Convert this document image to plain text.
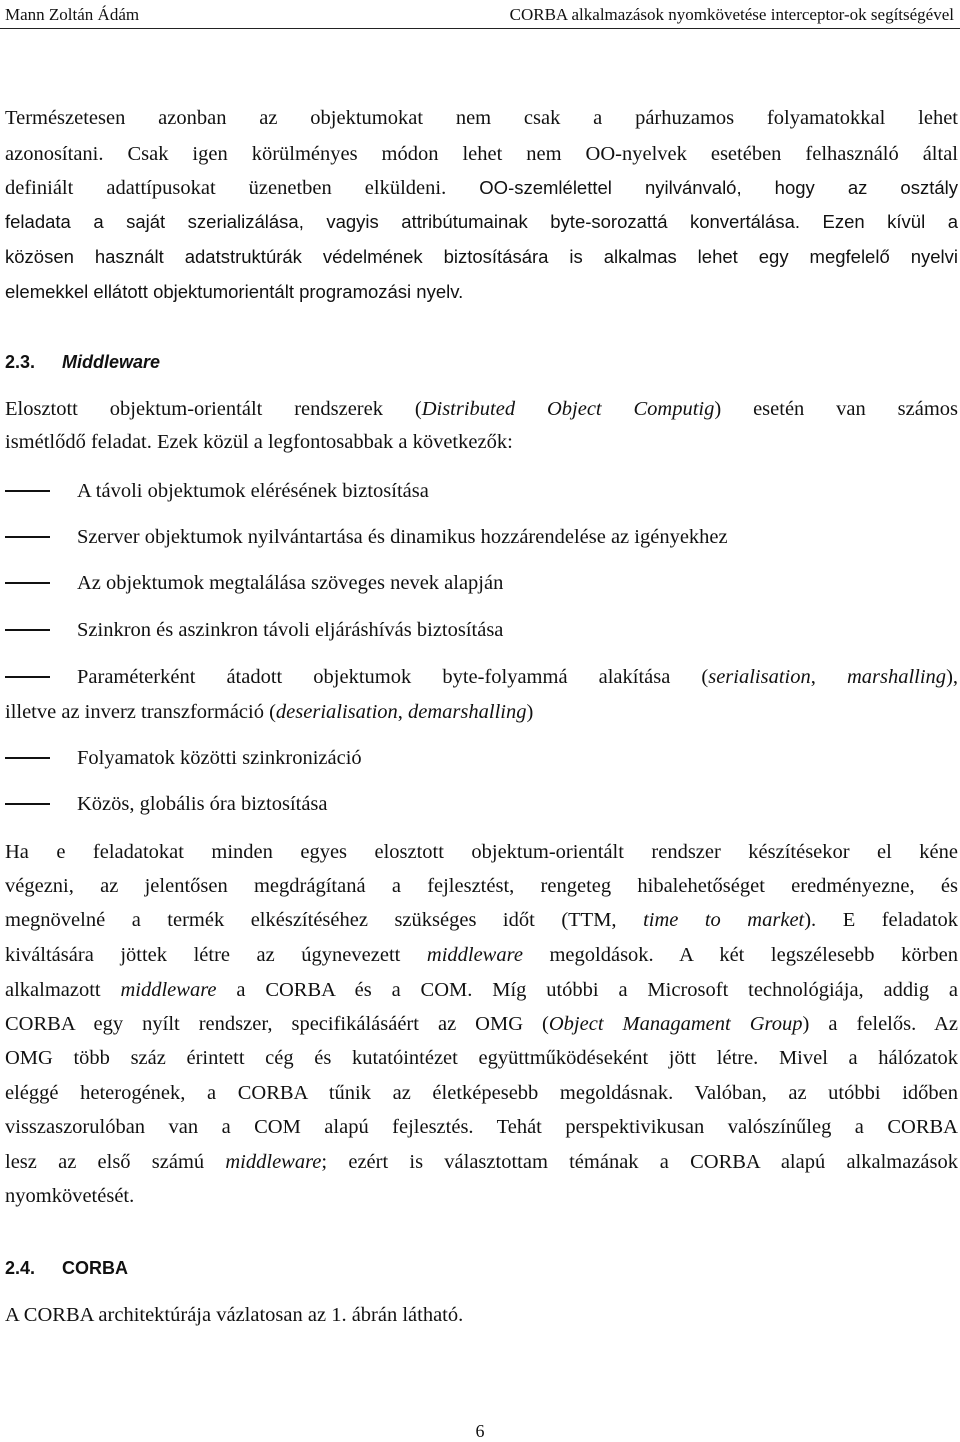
Mann Zoltán Ádám	CORBA alkalmazások nyomkövetése interceptor-ok segítségével
Természetesen azonban az objektumokat nem csak a párhuzamos folyamatokkal lehet
azonosítani. Csak igen körülményes módon lehet nem OO-nyelvek esetében felhasználó által
definiált adattípusokat üzenetben elküldeni. OO-szemlélettel nyilvánvaló, hogy az osztály
feladata a saját szerializálása, vagyis attribútumainak byte-sorozattá konvertálása. Ezen kívül a
közösen használt adatstruktúrák védelmének biztosítására is alkalmas lehet egy megfelelő nyelvi
elemekkel ellátott objektumorientált programozási nyelv.
2.3. Middleware
Elosztott objektum-orientált rendszerek (Distributed Object Computig) esetén van számos
ismétlődő feladat. Ezek közül a legfontosabbak a következők:
A távoli objektumok elérésének biztosítása
Szerver objektumok nyilvántartása és dinamikus hozzárendelése az igényekhez
Az objektumok megtalálása szöveges nevek alapján
Szinkron és aszinkron távoli eljáráshívás biztosítása
Paraméterként átadott objektumok byte-folyammá alakítása (serialisation, marshalling),
illetve az inverz transzformáció (deserialisation, demarshalling)
Folyamatok közötti szinkronizáció
Közös, globális óra biztosítása
Ha e feladatokat minden egyes elosztott objektum-orientált rendszer készítésekor el kéne
végezni, az jelentősen megdrágítaná a fejlesztést, rengeteg hibalehetőséget eredményezne, és
megnövelné a termék elkészítéséhez szükséges időt (TTM, time to market). E feladatok
kiváltására jöttek létre az úgynevezett middleware megoldások. A két legszélesebb körben
alkalmazott middleware a CORBA és a COM. Míg utóbbi a Microsoft technológiája, addig a
CORBA egy nyílt rendszer, specifikálásáért az OMG (Object Managament Group) a felelős. Az
OMG több száz érintett cég és kutatóintézet együttműködéseként jött létre. Mivel a hálózatok
eléggé heterogének, a CORBA tűnik az életképesebb megoldásnak. Valóban, az utóbbi időben
visszaszorulóban van a COM alapú fejlesztés. Tehát perspektivikusan valószínűleg a CORBA
lesz az első számú middleware; ezért is választottam témának a CORBA alapú alkalmazások
nyomkövetését.
2.4. CORBA
A CORBA architektúrája vázlatosan az 1. ábrán látható.
6
